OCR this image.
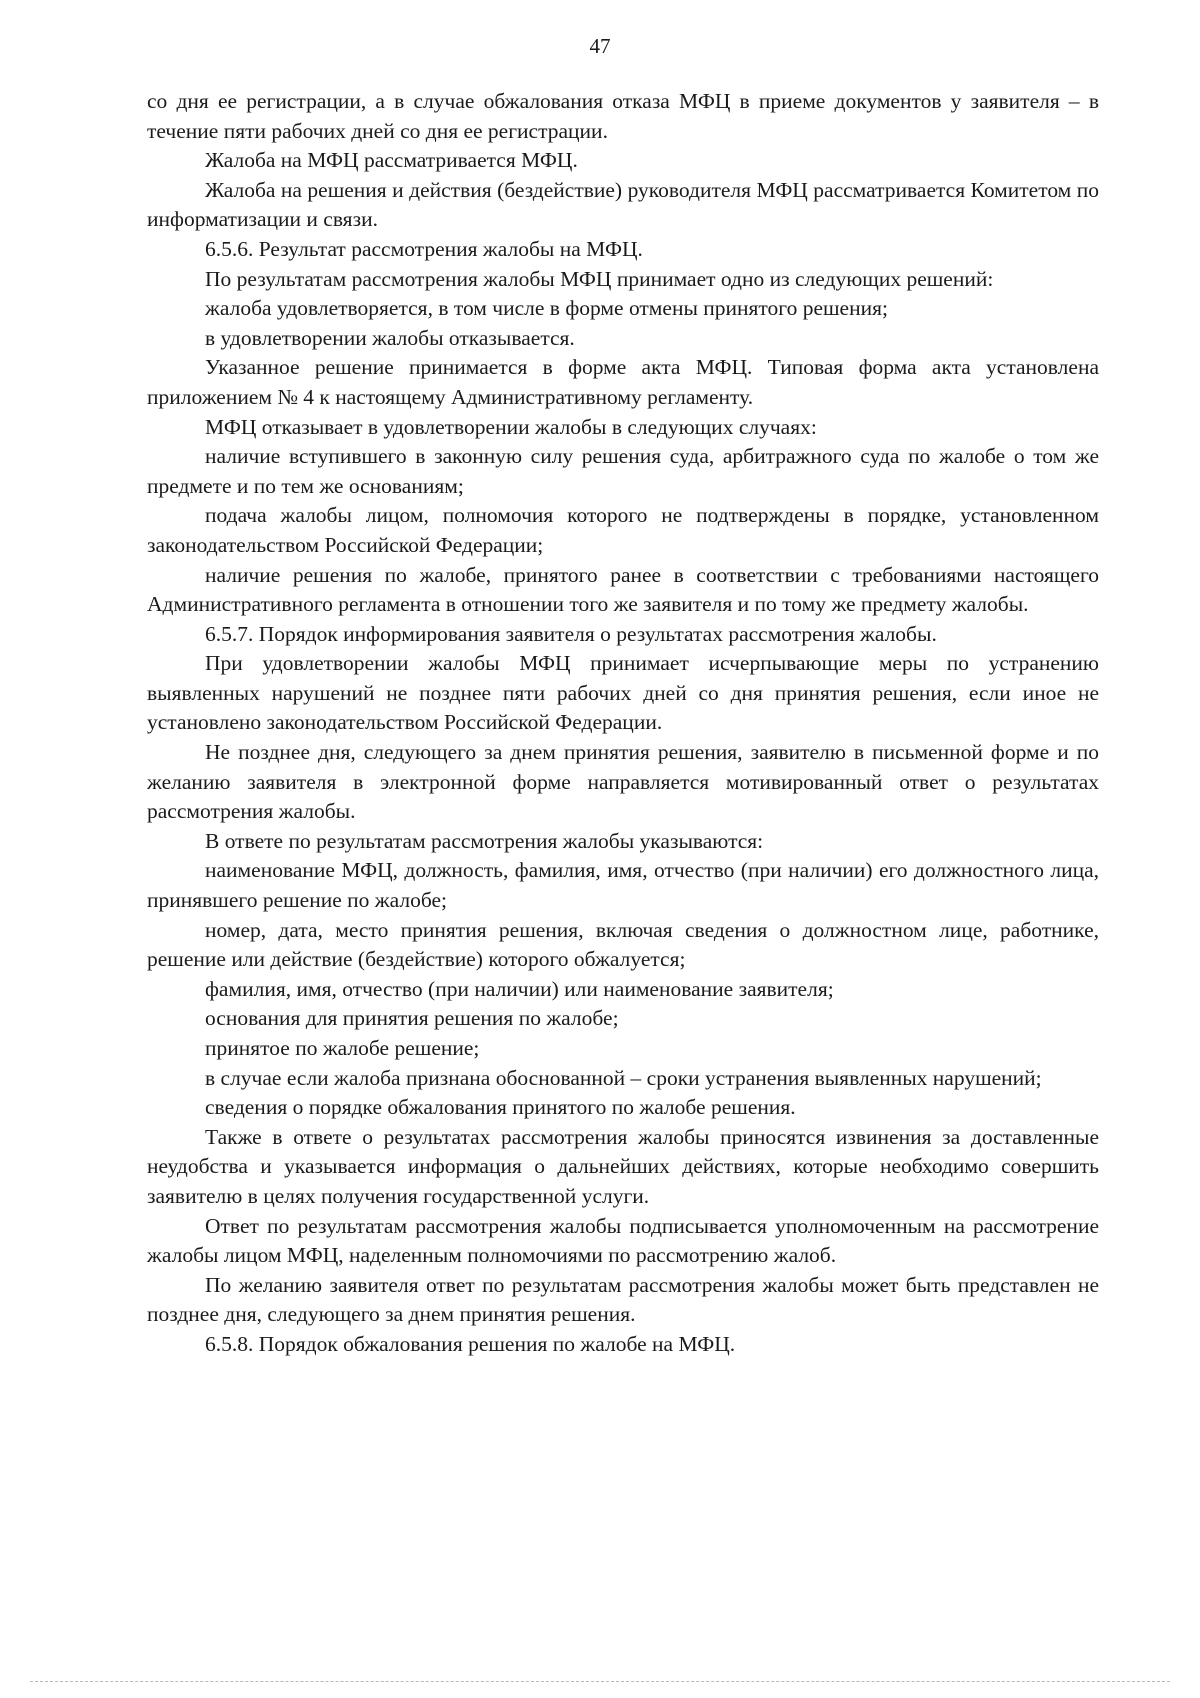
47

со дня ее регистрации, а в случае обжалования отказа МФЦ в приеме документов у заявителя – в течение пяти рабочих дней со дня ее регистрации.

Жалоба на МФЦ рассматривается МФЦ.

Жалоба на решения и действия (бездействие) руководителя МФЦ рассматривается Комитетом по информатизации и связи.

6.5.6. Результат рассмотрения жалобы на МФЦ.

По результатам рассмотрения жалобы МФЦ принимает одно из следующих решений:

жалоба удовлетворяется, в том числе в форме отмены принятого решения;

в удовлетворении жалобы отказывается.

Указанное решение принимается в форме акта МФЦ. Типовая форма акта установлена приложением № 4 к настоящему Административному регламенту.

МФЦ отказывает в удовлетворении жалобы в следующих случаях:

наличие вступившего в законную силу решения суда, арбитражного суда по жалобе о том же предмете и по тем же основаниям;

подача жалобы лицом, полномочия которого не подтверждены в порядке, установленном законодательством Российской Федерации;

наличие решения по жалобе, принятого ранее в соответствии с требованиями настоящего Административного регламента в отношении того же заявителя и по тому же предмету жалобы.

6.5.7. Порядок информирования заявителя о результатах рассмотрения жалобы.

При удовлетворении жалобы МФЦ принимает исчерпывающие меры по устранению выявленных нарушений не позднее пяти рабочих дней со дня принятия решения, если иное не установлено законодательством Российской Федерации.

Не позднее дня, следующего за днем принятия решения, заявителю в письменной форме и по желанию заявителя в электронной форме направляется мотивированный ответ о результатах рассмотрения жалобы.

В ответе по результатам рассмотрения жалобы указываются:

наименование МФЦ, должность, фамилия, имя, отчество (при наличии) его должностного лица, принявшего решение по жалобе;

номер, дата, место принятия решения, включая сведения о должностном лице, работнике, решение или действие (бездействие) которого обжалуется;

фамилия, имя, отчество (при наличии) или наименование заявителя;

основания для принятия решения по жалобе;

принятое по жалобе решение;

в случае если жалоба признана обоснованной – сроки устранения выявленных нарушений;

сведения о порядке обжалования принятого по жалобе решения.

Также в ответе о результатах рассмотрения жалобы приносятся извинения за доставленные неудобства и указывается информация о дальнейших действиях, которые необходимо совершить заявителю в целях получения государственной услуги.

Ответ по результатам рассмотрения жалобы подписывается уполномоченным на рассмотрение жалобы лицом МФЦ, наделенным полномочиями по рассмотрению жалоб.

По желанию заявителя ответ по результатам рассмотрения жалобы может быть представлен не позднее дня, следующего за днем принятия решения.

6.5.8. Порядок обжалования решения по жалобе на МФЦ.
